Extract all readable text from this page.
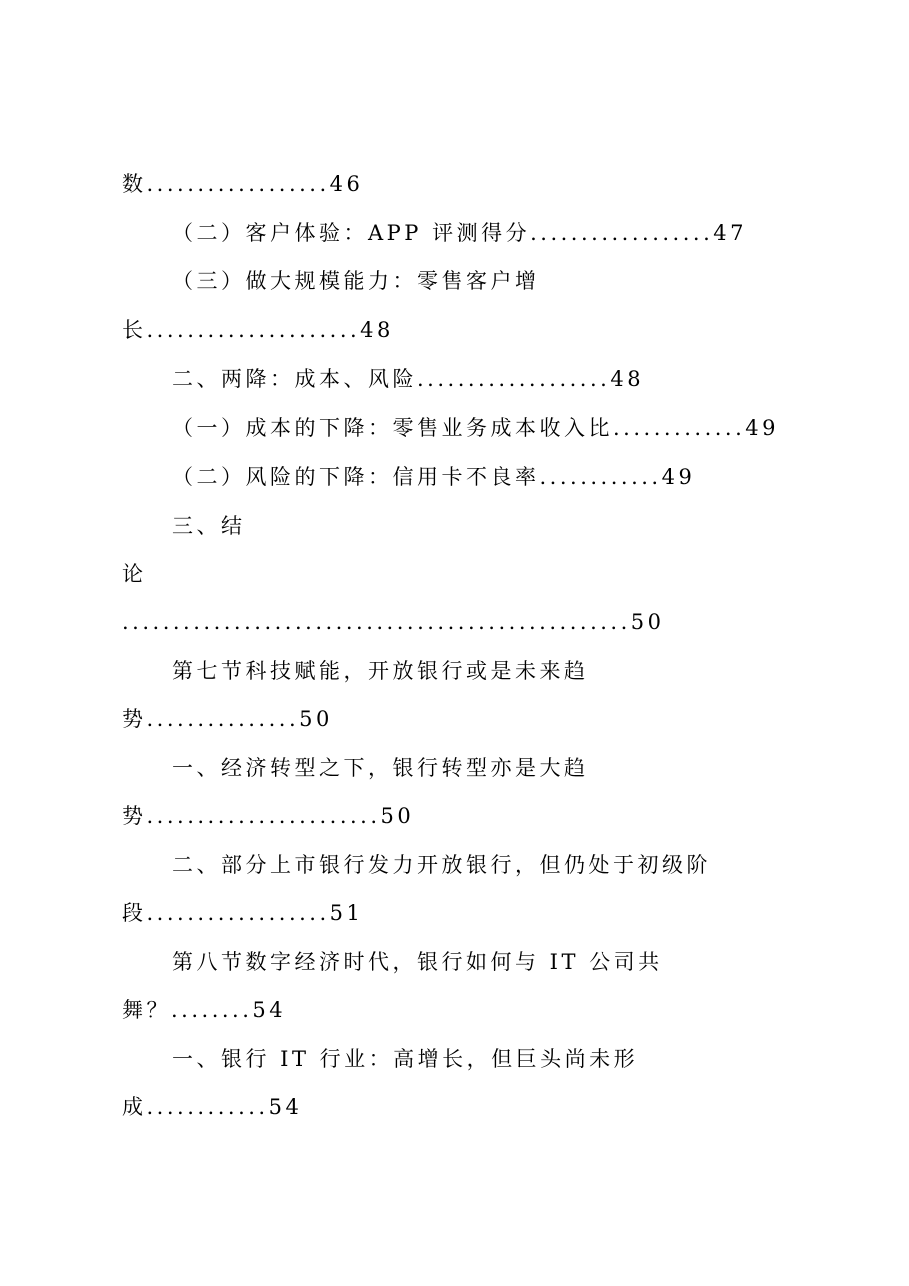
数..................46
（二）客户体验：APP 评测得分..................47
（三）做大规模能力：零售客户增
长.....................48
二、两降：成本、风险...................48
（一）成本的下降：零售业务成本收入比.............49
（二）风险的下降：信用卡不良率............49
三、结
论
..................................................50
第七节科技赋能，开放银行或是未来趋
势...............50
一、经济转型之下，银行转型亦是大趋
势.......................50
二、部分上市银行发力开放银行，但仍处于初级阶
段..................51
第八节数字经济时代，银行如何与 IT 公司共
舞？........54
一、银行 IT 行业：高增长，但巨头尚未形
成............54
